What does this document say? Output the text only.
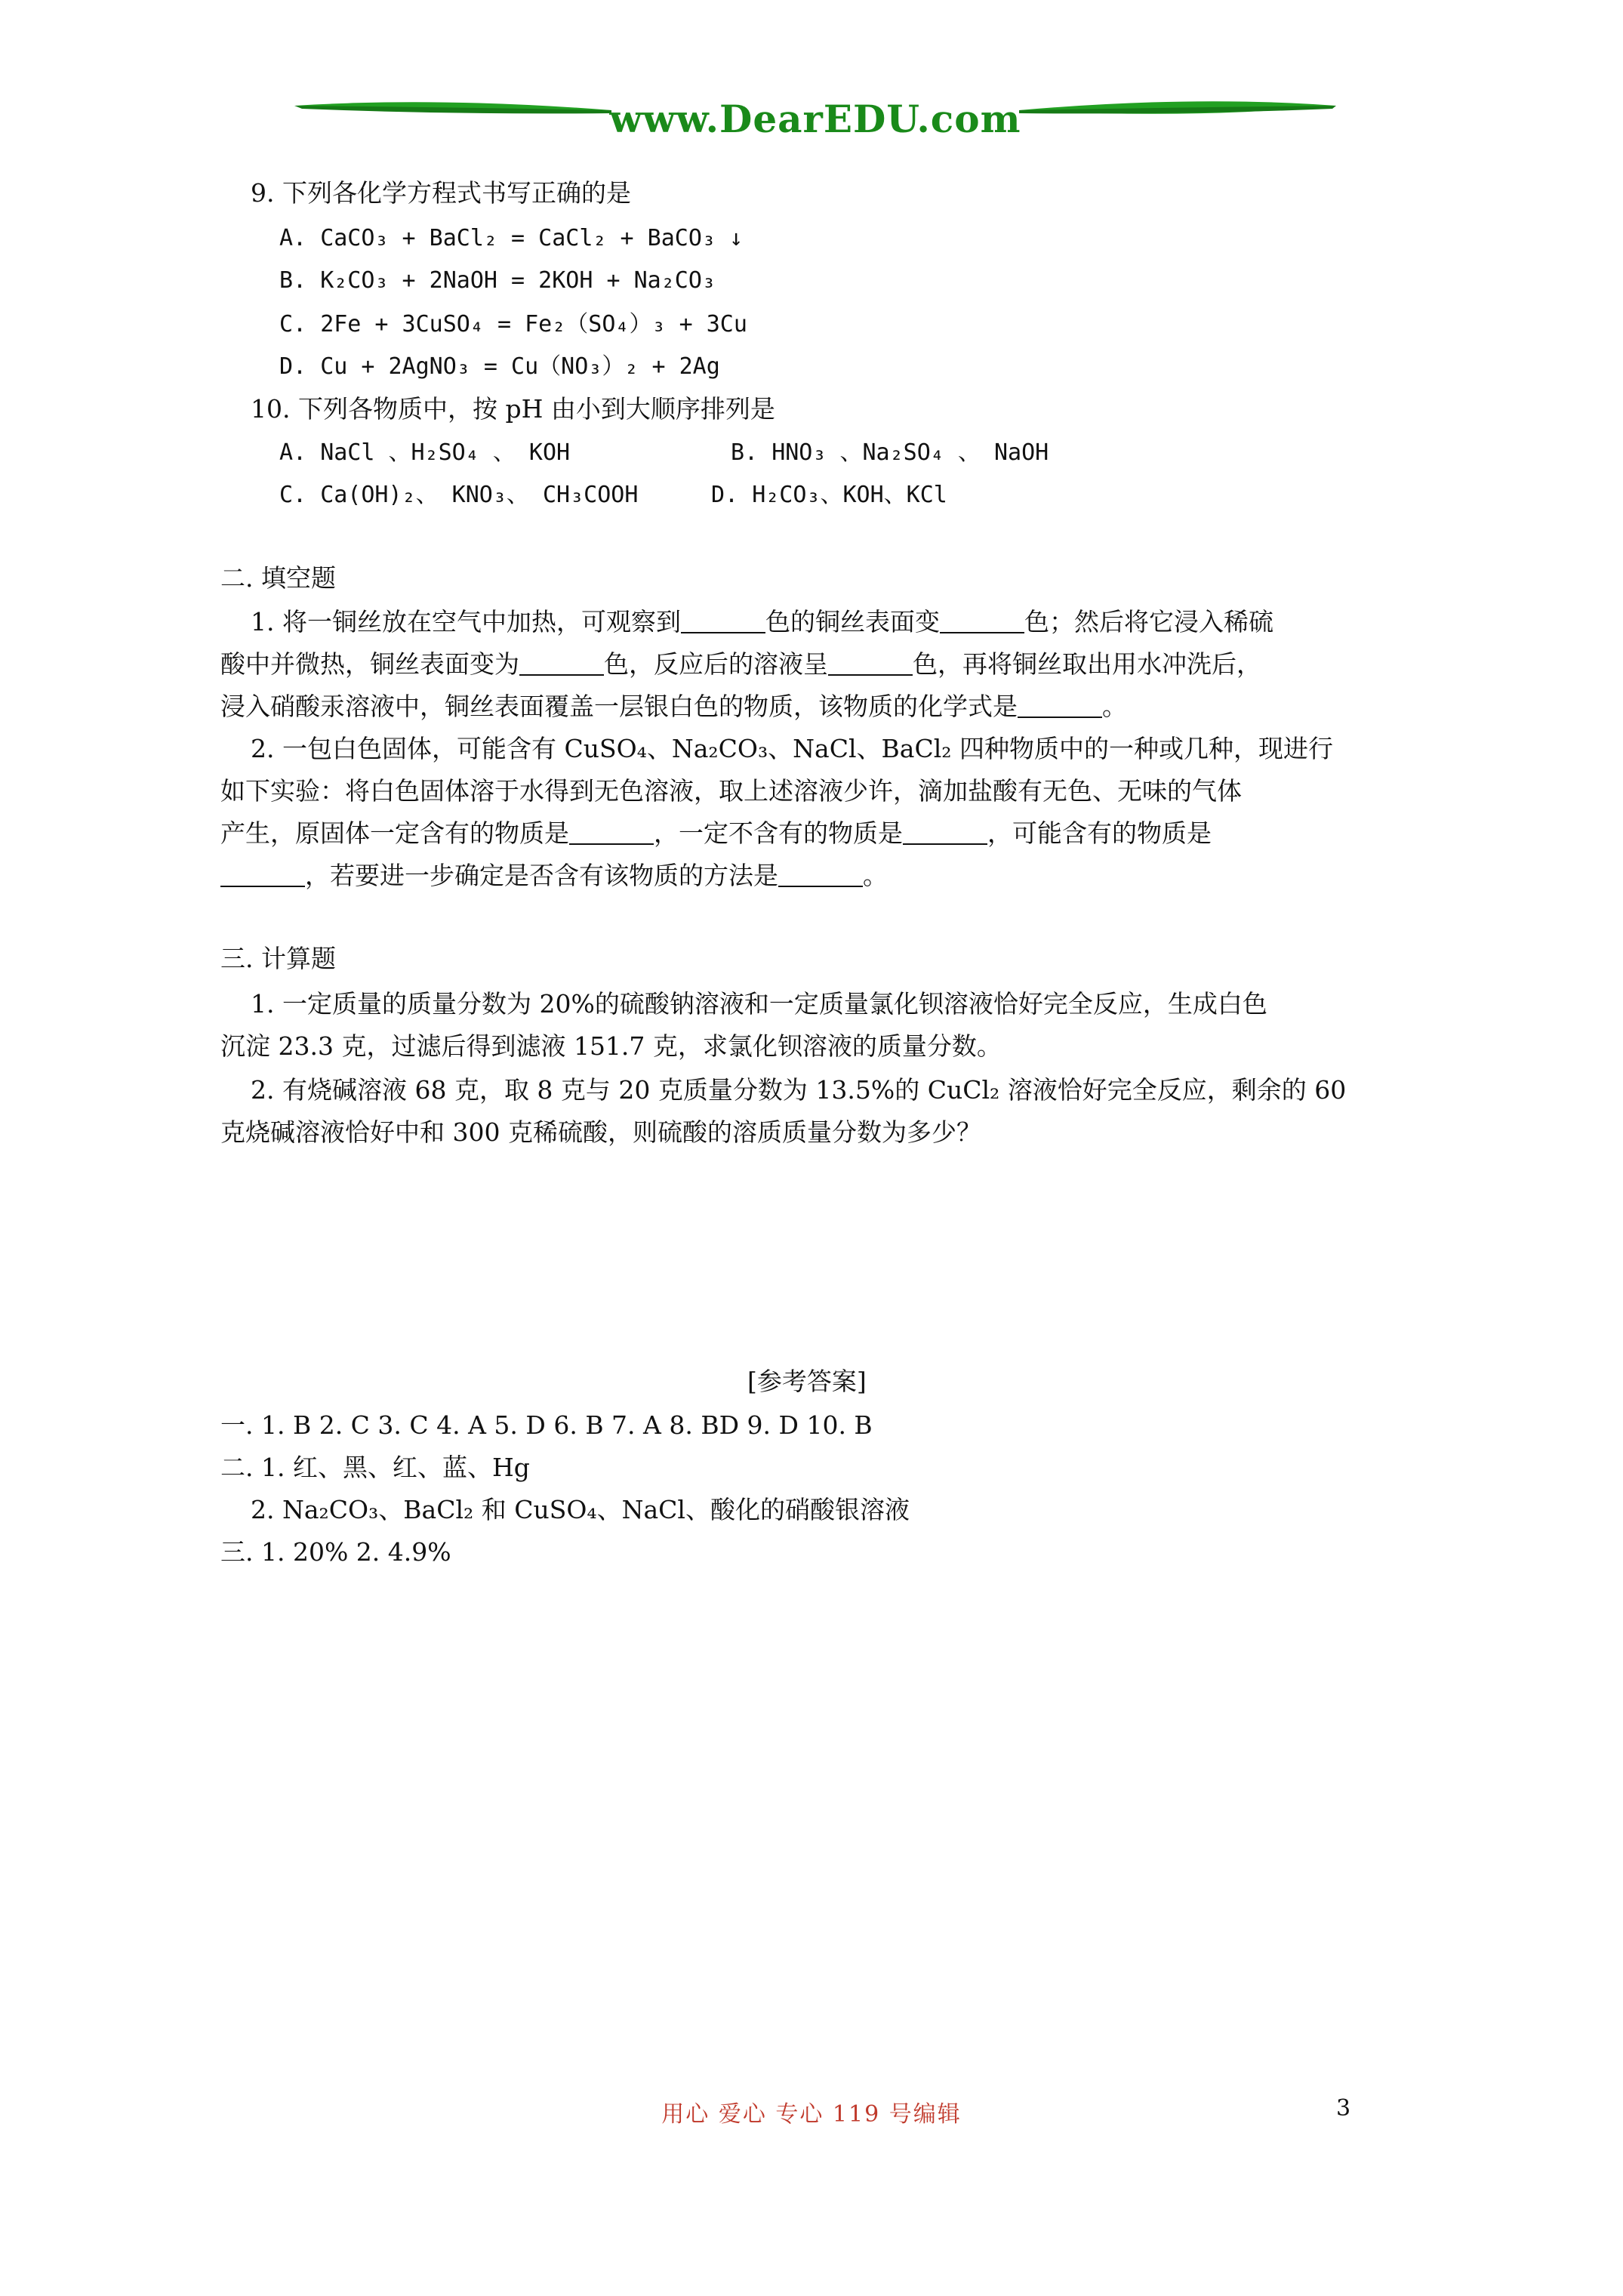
www.DearEDU.com
9. 下列各化学方程式书写正确的是
A. CaCO₃ + BaCl₂ = CaCl₂ + BaCO₃ ↓
B. K₂CO₃ + 2NaOH = 2KOH + Na₂CO₃
C. 2Fe + 3CuSO₄ = Fe₂（SO₄）₃ + 3Cu
D. Cu + 2AgNO₃ = Cu（NO₃）₂ + 2Ag
10. 下列各物质中，按 pH 由小到大顺序排列是
A. NaCl 、H₂SO₄ 、 KOH	B. HNO₃ 、Na₂SO₄ 、 NaOH
C. Ca(OH)₂、 KNO₃、 CH₃COOH	D. H₂CO₃、KOH、KCl
二. 填空题
1. 将一铜丝放在空气中加热，可观察到	色的铜丝表面变	色；然后将它浸入稀硫
酸中并微热，铜丝表面变为	色，反应后的溶液呈	色，再将铜丝取出用水冲洗后，
浸入硝酸汞溶液中，铜丝表面覆盖一层银白色的物质，该物质的化学式是	。
2. 一包白色固体，可能含有 CuSO₄、Na₂CO₃、NaCl、BaCl₂ 四种物质中的一种或几种，现进行
如下实验：将白色固体溶于水得到无色溶液，取上述溶液少许，滴加盐酸有无色、无味的气体
产生，原固体一定含有的物质是	，一定不含有的物质是	，可能含有的物质是
，若要进一步确定是否含有该物质的方法是	。
三. 计算题
1. 一定质量的质量分数为 20%的硫酸钠溶液和一定质量氯化钡溶液恰好完全反应，生成白色
沉淀 23.3 克，过滤后得到滤液 151.7 克，求氯化钡溶液的质量分数。
2. 有烧碱溶液 68 克，取 8 克与 20 克质量分数为 13.5%的 CuCl₂ 溶液恰好完全反应，剩余的 60
克烧碱溶液恰好中和 300 克稀硫酸，则硫酸的溶质质量分数为多少？
[参考答案]
一. 1. B 2. C 3. C 4. A 5. D 6. B 7. A 8. BD 9. D 10. B
二. 1. 红、黑、红、蓝、Hg
2. Na₂CO₃、BaCl₂ 和 CuSO₄、NaCl、酸化的硝酸银溶液
三. 1. 20% 2. 4.9%
用心 爱心 专心 119 号编辑	3
